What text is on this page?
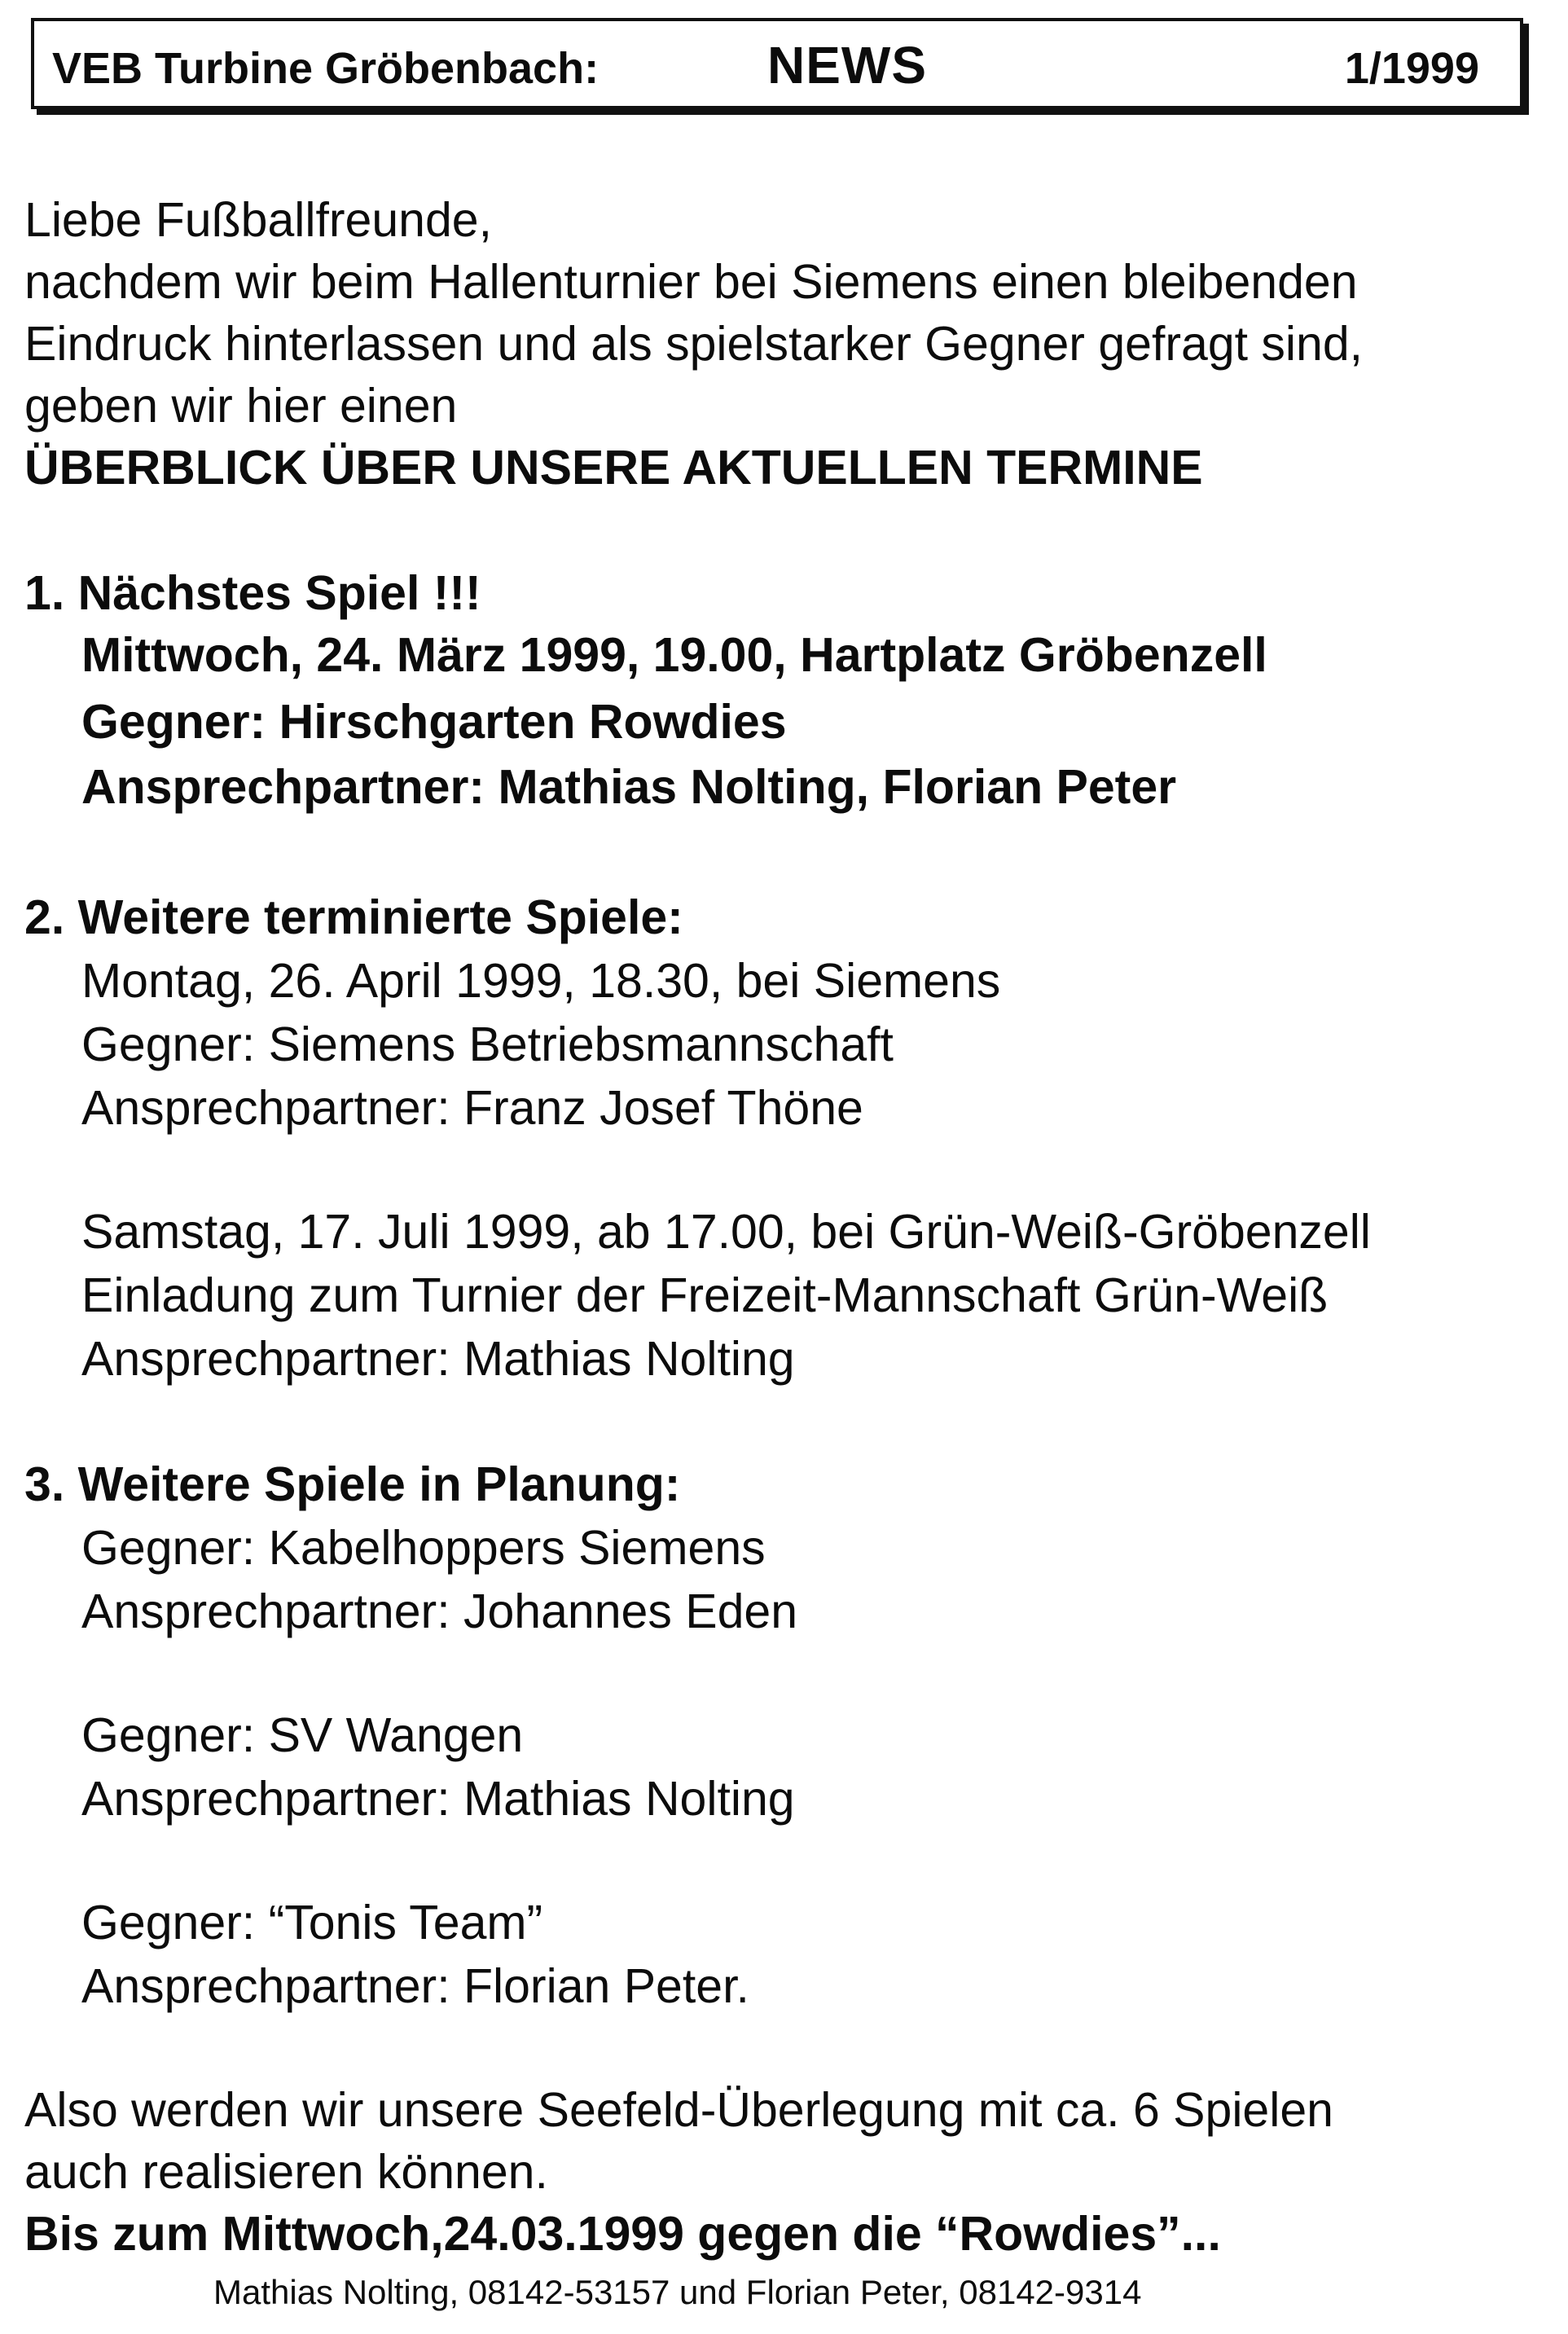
VEB Turbine Gröbenbach:	NEWS	1/1999
Liebe Fußballfreunde,
nachdem wir beim Hallenturnier bei Siemens einen bleibenden
Eindruck hinterlassen und als spielstarker Gegner gefragt sind,
geben wir hier einen
ÜBERBLICK ÜBER UNSERE AKTUELLEN TERMINE
1. Nächstes Spiel !!!
Mittwoch, 24. März 1999, 19.00, Hartplatz Gröbenzell
Gegner: Hirschgarten Rowdies
Ansprechpartner: Mathias Nolting, Florian Peter
2. Weitere terminierte Spiele:
Montag, 26. April 1999, 18.30, bei Siemens
Gegner: Siemens Betriebsmannschaft
Ansprechpartner: Franz Josef Thöne
Samstag, 17. Juli 1999, ab 17.00, bei Grün-Weiß-Gröbenzell
Einladung zum Turnier der Freizeit-Mannschaft Grün-Weiß
Ansprechpartner: Mathias Nolting
3. Weitere Spiele in Planung:
Gegner: Kabelhoppers Siemens
Ansprechpartner: Johannes Eden
Gegner: SV Wangen
Ansprechpartner: Mathias Nolting
Gegner: “Tonis Team”
Ansprechpartner: Florian Peter.
Also werden wir unsere Seefeld-Überlegung mit ca. 6 Spielen
auch realisieren können.
Bis zum Mittwoch,24.03.1999 gegen die “Rowdies”...
Mathias Nolting, 08142-53157 und Florian Peter, 08142-9314
